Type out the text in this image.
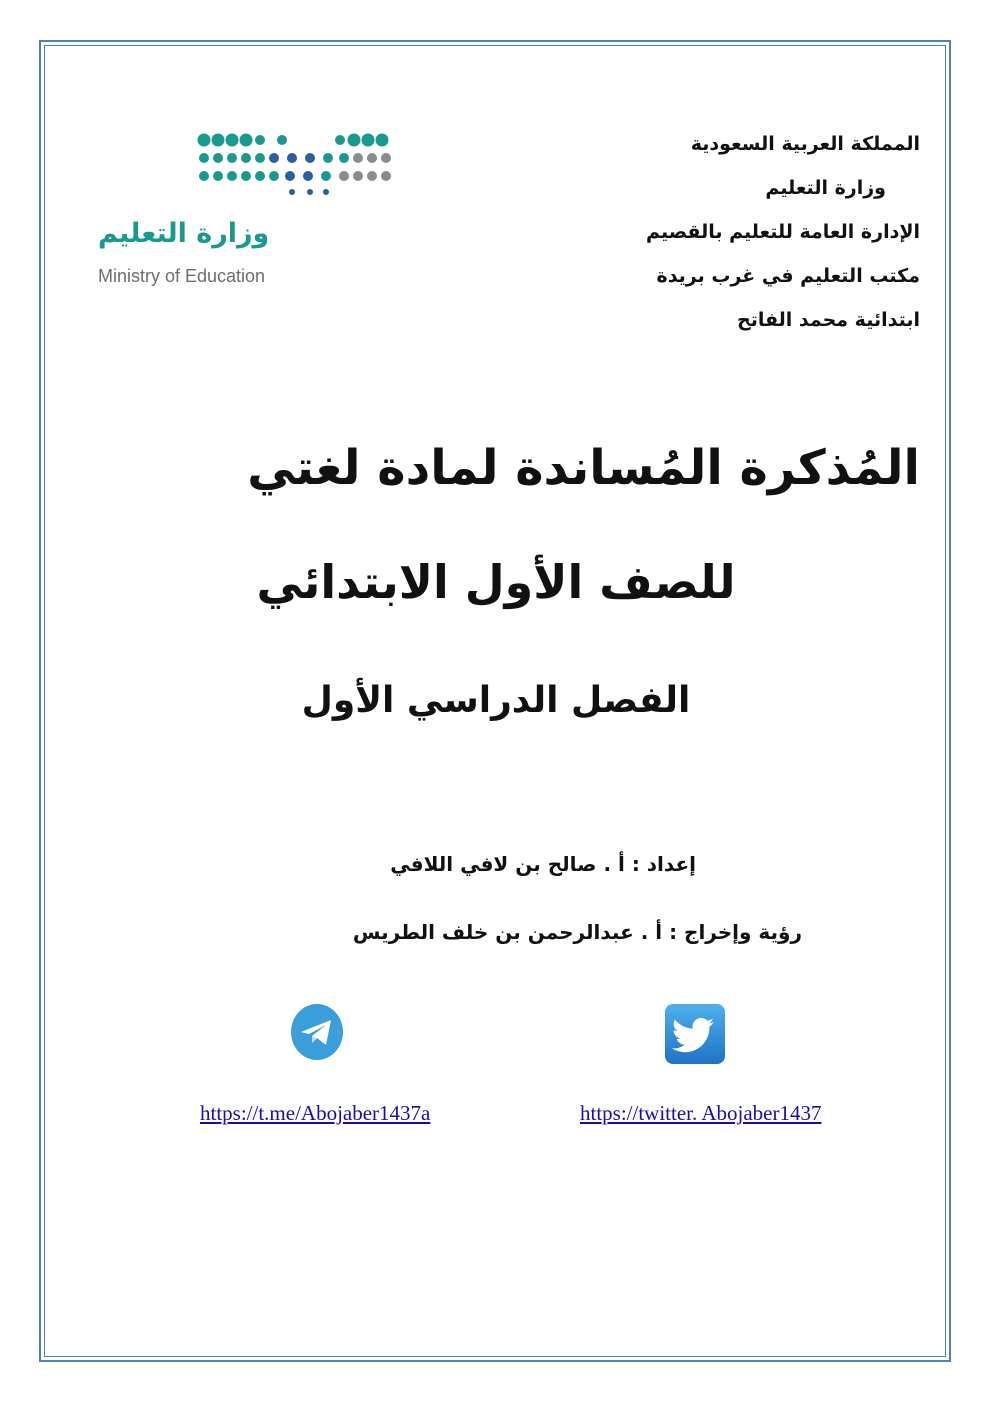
المملكة العربية السعودية
وزارة التعليم
الإدارة العامة للتعليم بالقصيم
مكتب التعليم في غرب بريدة
ابتدائية محمد الفاتح
وزارة التعليم
Ministry of Education
المُذكرة المُساندة لمادة لغتي
للصف الأول الابتدائي
الفصل الدراسي الأول
إعداد : أ . صالح بن لافي اللافي
رؤية وإخراج : أ . عبدالرحمن بن خلف الطريس
https://t.me/Abojaber1437a	https://twitter. Abojaber1437
